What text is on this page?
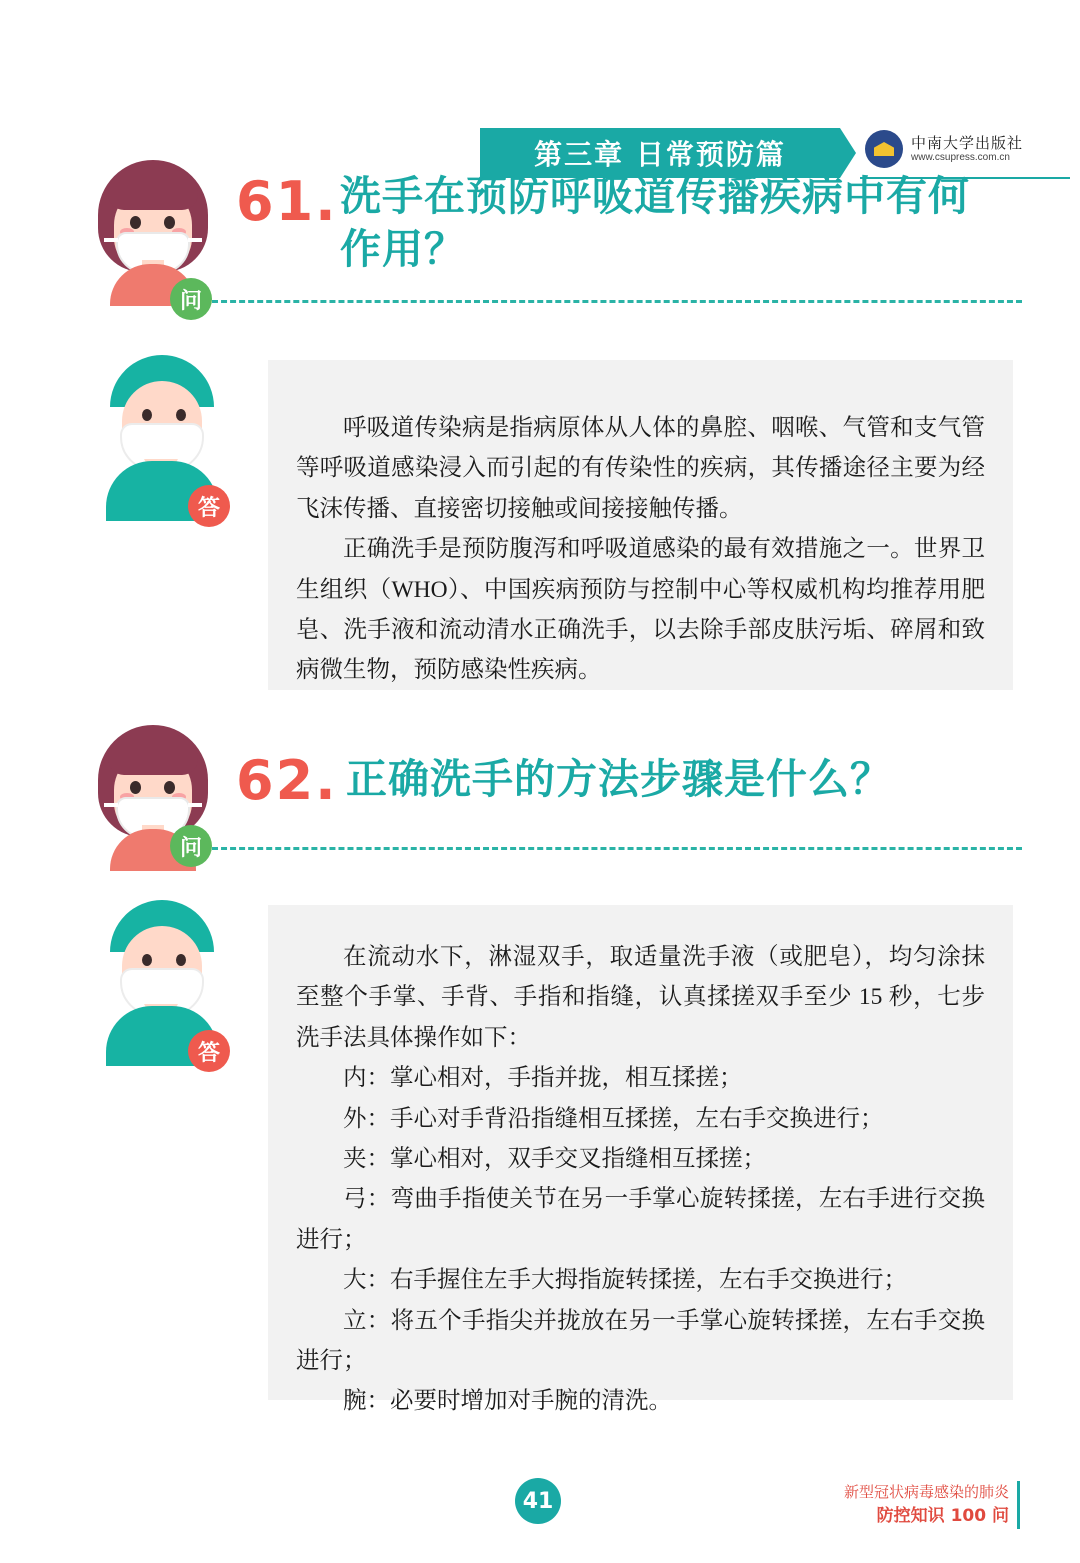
第三章 日常预防篇	中南大学出版社
www.csupress.com.cn
问
61. 洗手在预防呼吸道传播疾病中有何作用？
答

呼吸道传染病是指病原体从人体的鼻腔、咽喉、气管和支气管等呼吸道感染浸入而引起的有传染性的疾病，其传播途径主要为经飞沫传播、直接密切接触或间接接触传播。

正确洗手是预防腹泻和呼吸道感染的最有效措施之一。世界卫生组织（WHO）、中国疾病预防与控制中心等权威机构均推荐用肥皂、洗手液和流动清水正确洗手，以去除手部皮肤污垢、碎屑和致病微生物，预防感染性疾病。

问
62. 正确洗手的方法步骤是什么？
答

在流动水下，淋湿双手，取适量洗手液（或肥皂），均匀涂抹至整个手掌、手背、手指和指缝，认真揉搓双手至少 15 秒，七步洗手法具体操作如下：

内：掌心相对，手指并拢，相互揉搓；

外：手心对手背沿指缝相互揉搓，左右手交换进行；

夹：掌心相对，双手交叉指缝相互揉搓；

弓：弯曲手指使关节在另一手掌心旋转揉搓，左右手进行交换进行；

大：右手握住左手大拇指旋转揉搓，左右手交换进行；

立：将五个手指尖并拢放在另一手掌心旋转揉搓，左右手交换进行；

腕：必要时增加对手腕的清洗。

41	新型冠状病毒感染的肺炎
防控知识 100 问
